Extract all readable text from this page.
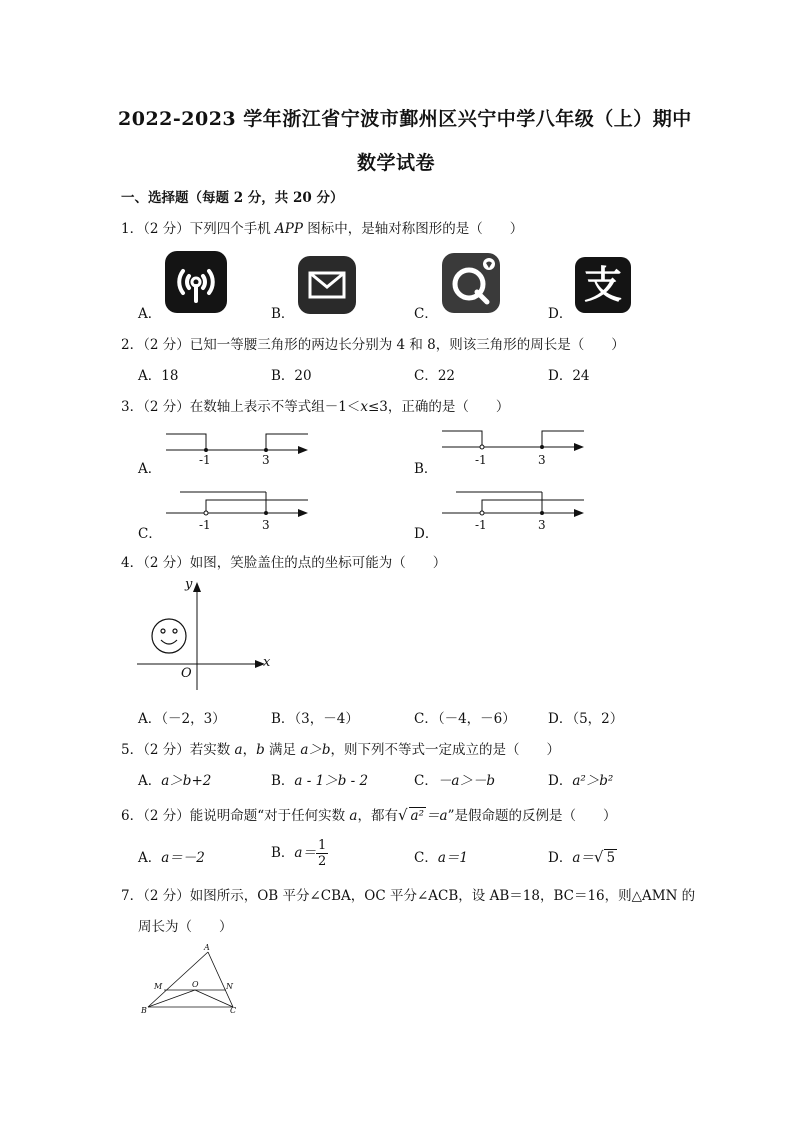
2022-2023 学年浙江省宁波市鄞州区兴宁中学八年级（上）期中
数学试卷
一、选择题（每题 2 分，共 20 分）
1．（2 分）下列四个手机 APP 图标中，是轴对称图形的是（　　）
A．	B．	C．	D．
支
2．（2 分）已知一等腰三角形的两边长分别为 4 和 8，则该三角形的周长是（　　）
A．18	B．20	C．22	D．24
3．（2 分）在数轴上表示不等式组－1＜x≤3，正确的是（　　）
A．
-1	3
B．
-1	3
C．
-1	3
D．
-1	3
4．（2 分）如图，笑脸盖住的点的坐标可能为（　　）
y
x
O
A．（－2，3）	B．（3，－4）	C．（－4，－6） D．（5，2）
5．（2 分）若实数 a，b 满足 a＞b，则下列不等式一定成立的是（　　）
A．a＞b+2	B．a - 1＞b - 2	C．－a＞－b	D．a²＞b²
6．（2 分）能说明命题“对于任何实数 a，都有√ a² ＝a”是假命题的反例是（　　）
A．a＝－2	B．$a= \frac{1}{2}$	C．a＝1	D．a＝√ 5
7．（2 分）如图所示，OB 平分∠CBA，OC 平分∠ACB，设 AB＝18，BC＝16，则△AMN 的
周长为（　　）
A
M	O	N
B	C
